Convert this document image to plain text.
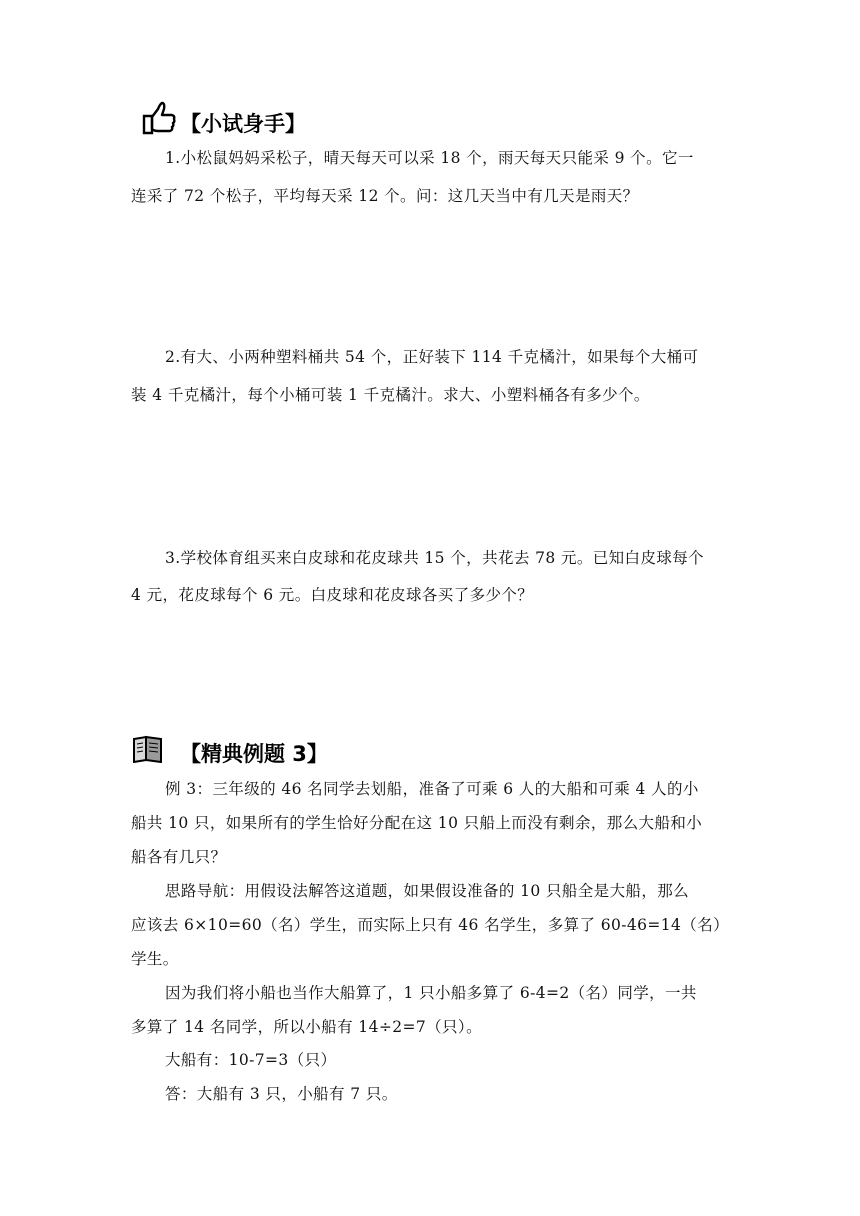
【小试身手】
1.小松鼠妈妈采松子，晴天每天可以采 18 个，雨天每天只能采 9 个。它一
连采了 72 个松子，平均每天采 12 个。问：这几天当中有几天是雨天？
2.有大、小两种塑料桶共 54 个，正好装下 114 千克橘汁，如果每个大桶可
装 4 千克橘汁，每个小桶可装 1 千克橘汁。求大、小塑料桶各有多少个。
3.学校体育组买来白皮球和花皮球共 15 个，共花去 78 元。已知白皮球每个
4 元，花皮球每个 6 元。白皮球和花皮球各买了多少个？
【精典例题 3】
例 3：三年级的 46 名同学去划船，准备了可乘 6 人的大船和可乘 4 人的小
船共 10 只，如果所有的学生恰好分配在这 10 只船上而没有剩余，那么大船和小
船各有几只？
思路导航：用假设法解答这道题，如果假设准备的 10 只船全是大船，那么
应该去 6×10=60（名）学生，而实际上只有 46 名学生，多算了 60-46=14（名）
学生。
因为我们将小船也当作大船算了，1 只小船多算了 6-4=2（名）同学，一共
多算了 14 名同学，所以小船有 14÷2=7（只）。
大船有：10-7=3（只）
答：大船有 3 只，小船有 7 只。
